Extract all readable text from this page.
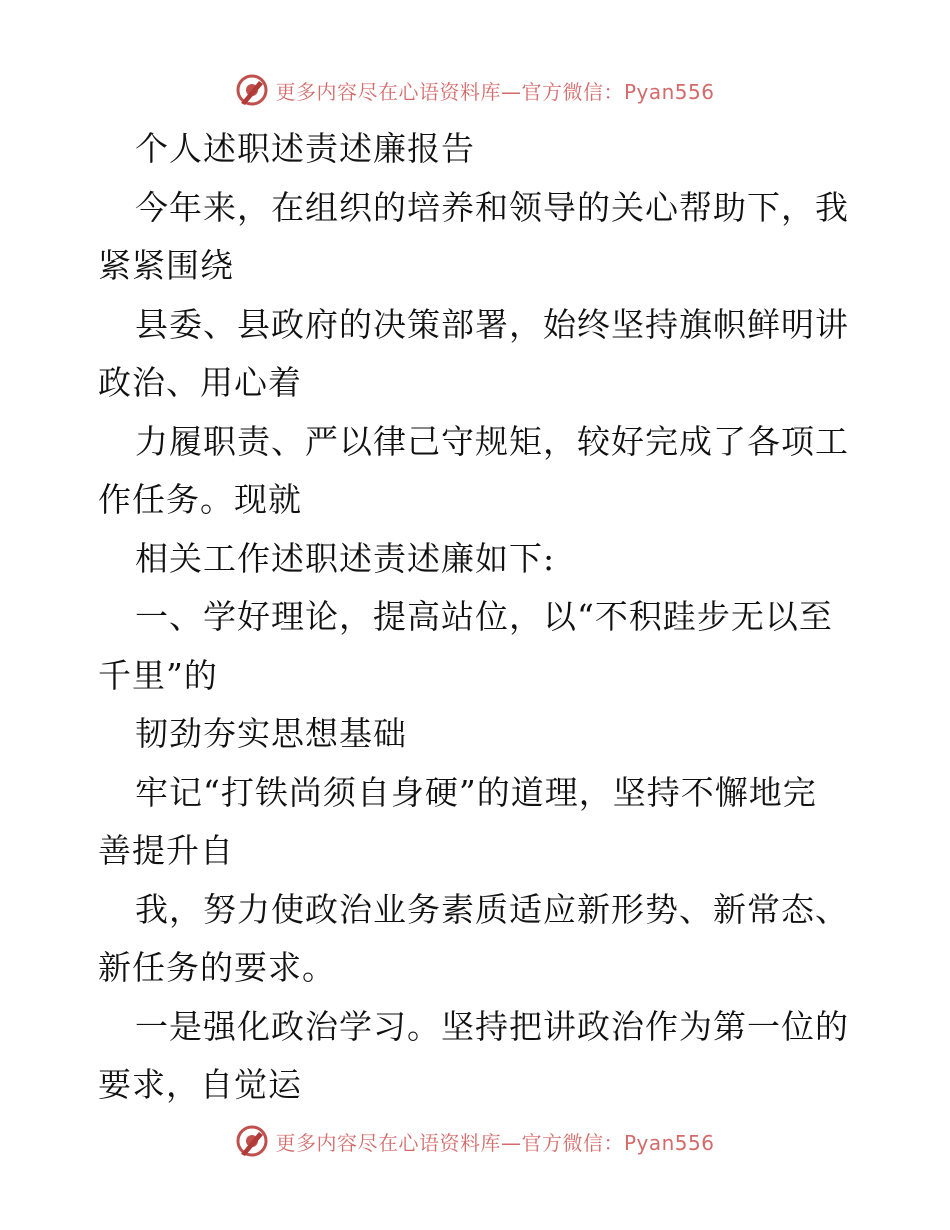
更多内容尽在心语资料库—官方微信：Pyan556
个人述职述责述廉报告
今年来，在组织的培养和领导的关心帮助下，我
紧紧围绕
县委、县政府的决策部署，始终坚持旗帜鲜明讲
政治、用心着
力履职责、严以律己守规矩，较好完成了各项工
作任务。现就
相关工作述职述责述廉如下:
一、学好理论，提高站位，以“不积跬步无以至
千里”的
韧劲夯实思想基础
牢记“打铁尚须自身硬”的道理，坚持不懈地完
善提升自
我，努力使政治业务素质适应新形势、新常态、
新任务的要求。
一是强化政治学习。坚持把讲政治作为第一位的
要求，自觉运
更多内容尽在心语资料库—官方微信：Pyan556
